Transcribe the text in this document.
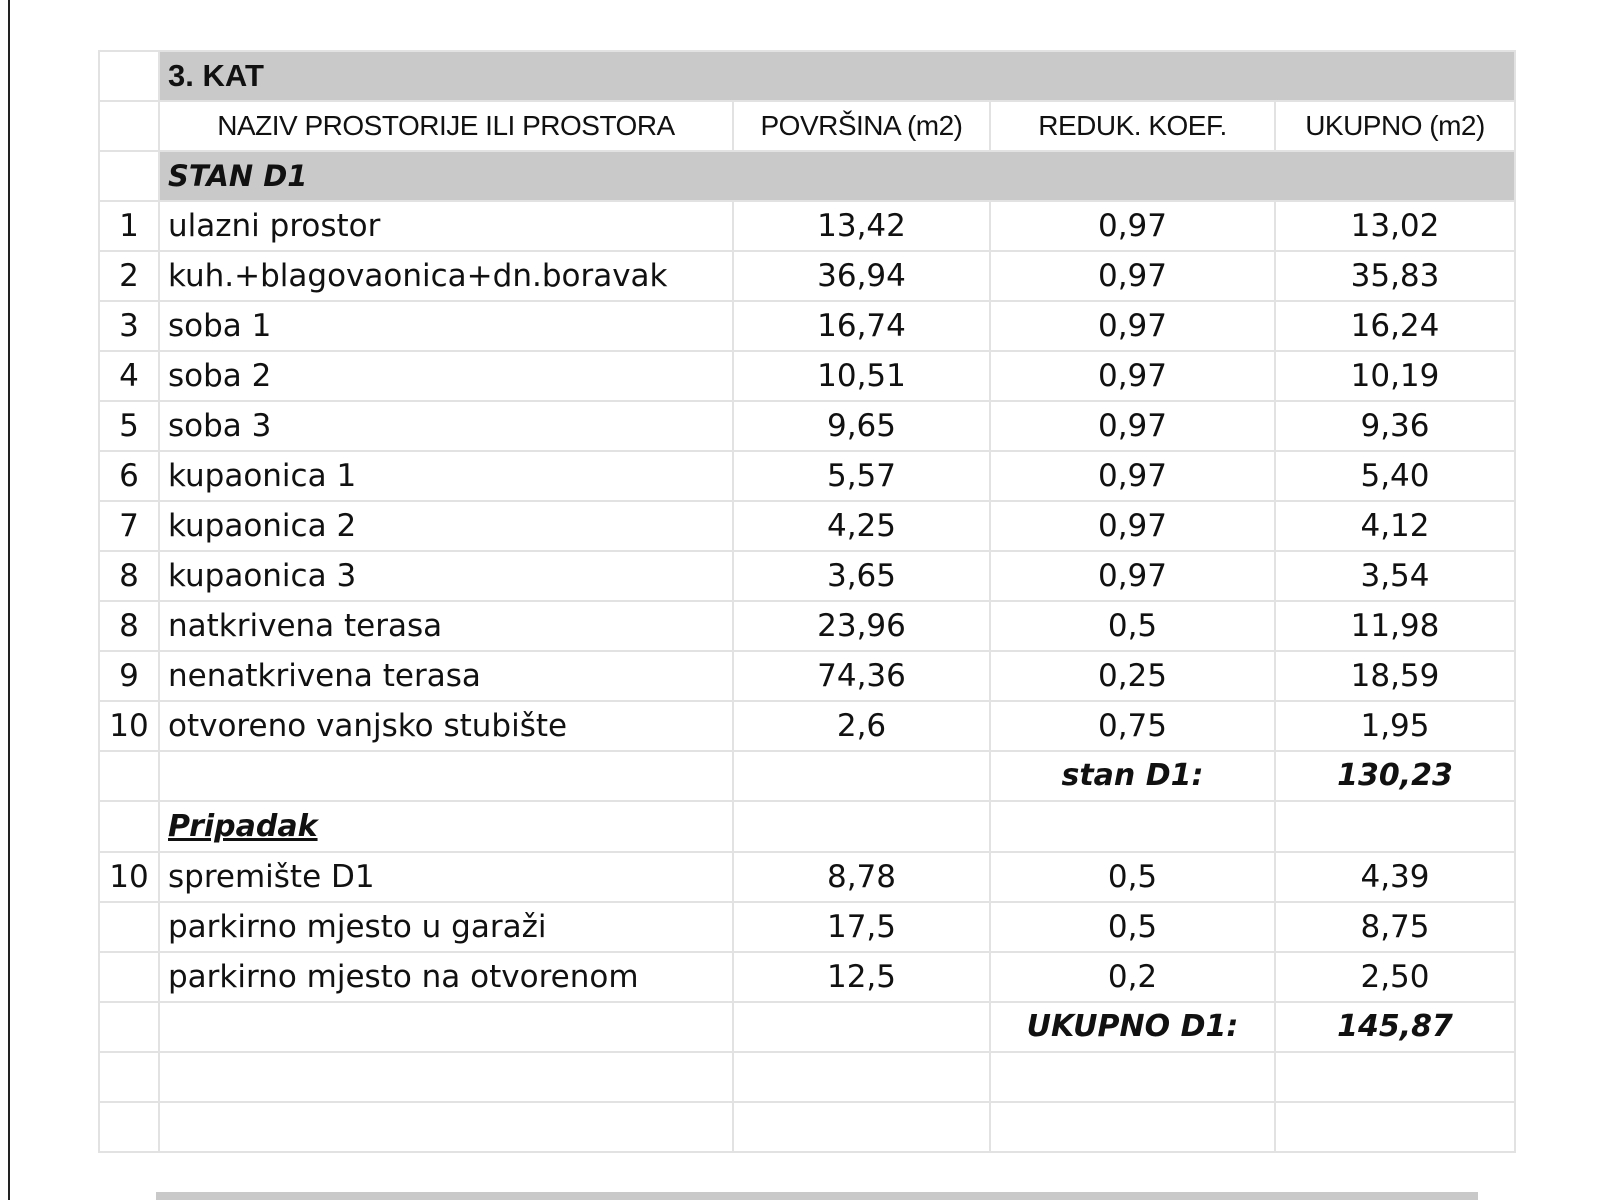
	3. KAT			
	NAZIV PROSTORIJE ILI PROSTORA	POVRŠINA (m2)	REDUK. KOEF.	UKUPNO (m2)
	STAN D1			
1	ulazni prostor	13,42	0,97	13,02
2	kuh.+blagovaonica+dn.boravak	36,94	0,97	35,83
3	soba 1	16,74	0,97	16,24
4	soba 2	10,51	0,97	10,19
5	soba 3	9,65	0,97	9,36
6	kupaonica 1	5,57	0,97	5,40
7	kupaonica 2	4,25	0,97	4,12
8	kupaonica 3	3,65	0,97	3,54
8	natkrivena terasa	23,96	0,5	11,98
9	nenatkrivena terasa	74,36	0,25	18,59
10	otvoreno vanjsko stubište	2,6	0,75	1,95
			stan D1:	130,23
	Pripadak			
10	spremište D1	8,78	0,5	4,39
	parkirno mjesto u garaži	17,5	0,5	8,75
	parkirno mjesto na otvorenom	12,5	0,2	2,50
			UKUPNO D1:	145,87
